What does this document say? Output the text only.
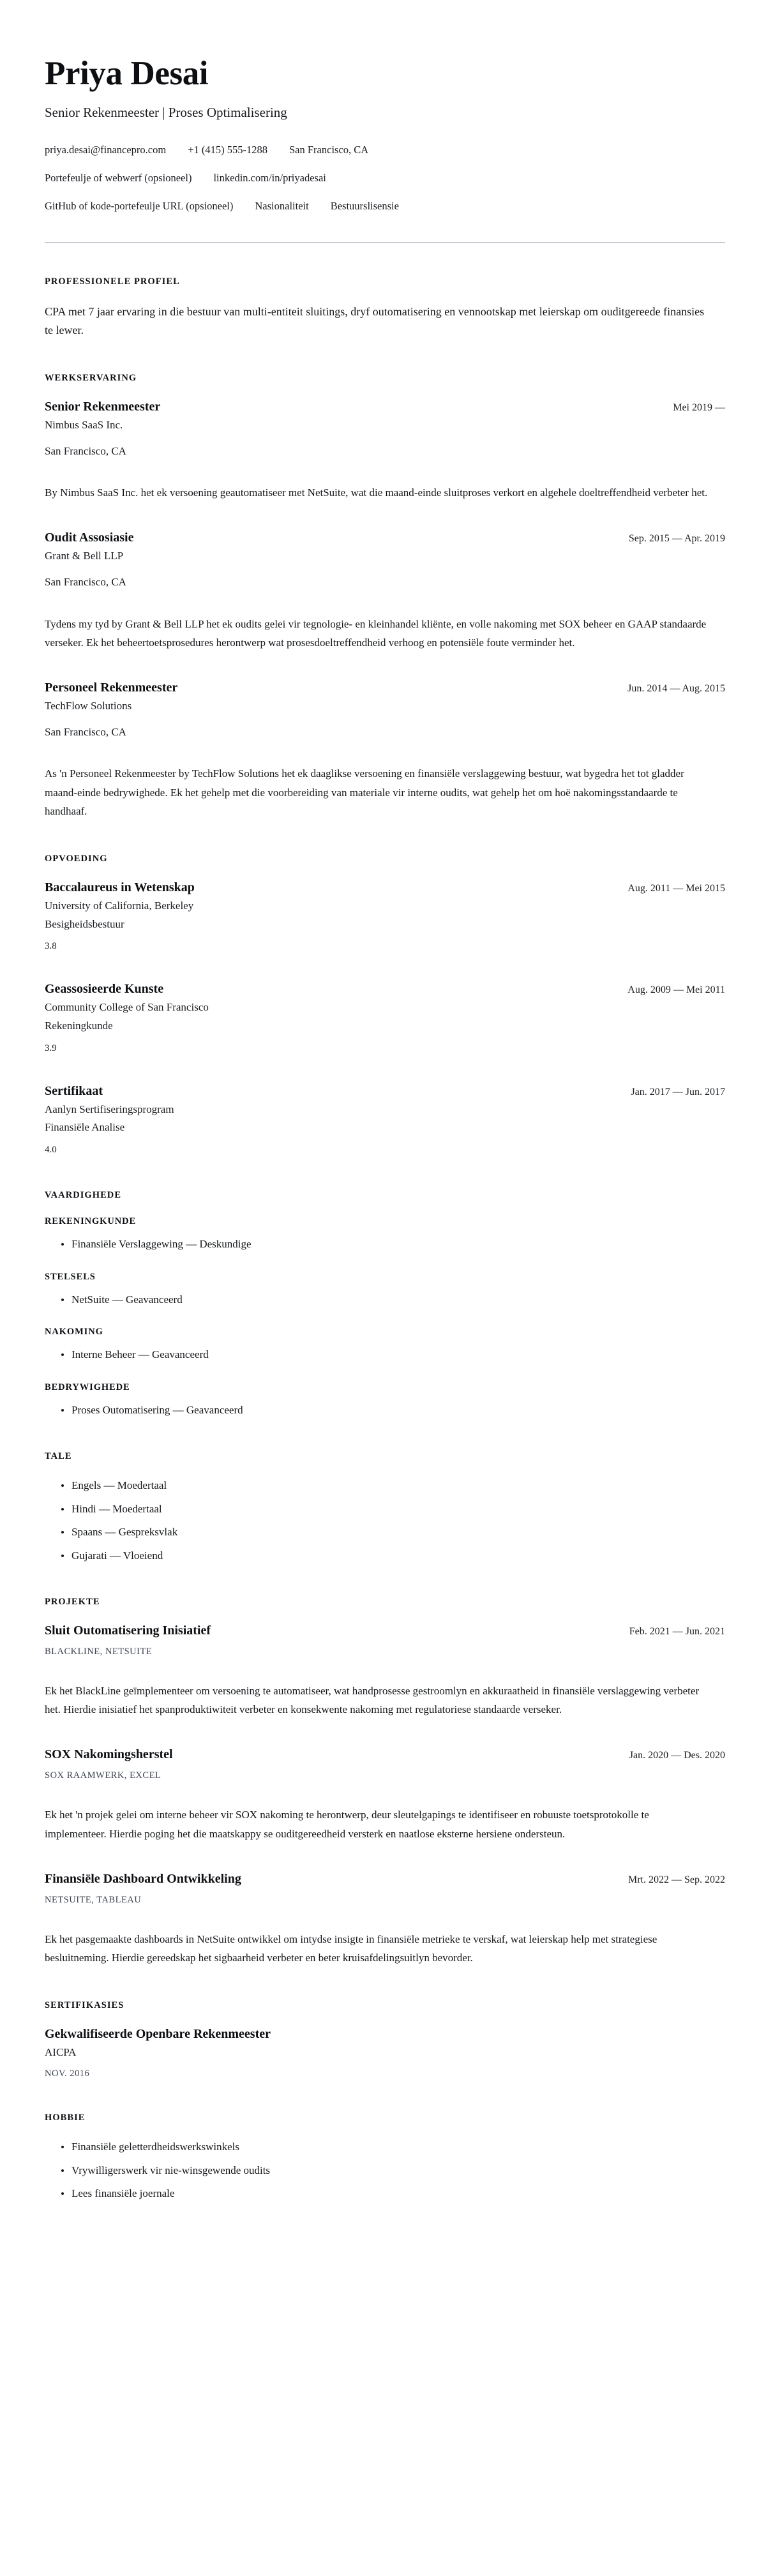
Priya Desai
Senior Rekenmeester | Proses Optimalisering
priya.desai@financepro.com +1 (415) 555-1288 San Francisco, CA
Portefeulje of webwerf (opsioneel) linkedin.com/in/priyadesai
GitHub of kode-portefeulje URL (opsioneel) Nasionaliteit Bestuurslisensie
PROFESSIONELE PROFIEL

CPA met 7 jaar ervaring in die bestuur van multi-entiteit sluitings, dryf outomatisering en vennootskap met leierskap om ouditgereede finansies te lewer.

WERKSERVARING
Senior Rekenmeester	Mei 2019 —

Nimbus SaaS Inc.

San Francisco, CA

By Nimbus SaaS Inc. het ek versoening geautomatiseer met NetSuite, wat die maand-einde sluitproses verkort en algehele doeltreffendheid verbeter het.

Oudit Assosiasie	Sep. 2015 — Apr. 2019

Grant & Bell LLP

San Francisco, CA

Tydens my tyd by Grant & Bell LLP het ek oudits gelei vir tegnologie- en kleinhandel kliënte, en volle nakoming met SOX beheer en GAAP standaarde verseker. Ek het beheertoetsprosedures herontwerp wat prosesdoeltreffendheid verhoog en potensiële foute verminder het.

Personeel Rekenmeester	Jun. 2014 — Aug. 2015

TechFlow Solutions

San Francisco, CA

As 'n Personeel Rekenmeester by TechFlow Solutions het ek daaglikse versoening en finansiële verslaggewing bestuur, wat bygedra het tot gladder maand-einde bedrywighede. Ek het gehelp met die voorbereiding van materiale vir interne oudits, wat gehelp het om hoë nakomingsstandaarde te handhaaf.

OPVOEDING
Baccalaureus in Wetenskap	Aug. 2011 — Mei 2015

University of California, Berkeley

Besigheidsbestuur

3.8

Geassosieerde Kunste	Aug. 2009 — Mei 2011

Community College of San Francisco

Rekeningkunde

3.9

Sertifikaat	Jan. 2017 — Jun. 2017

Aanlyn Sertifiseringsprogram

Finansiële Analise

4.0

VAARDIGHEDE
REKENINGKUNDE
Finansiële Verslaggewing — Deskundige
STELSELS
NetSuite — Geavanceerd
NAKOMING
Interne Beheer — Geavanceerd
BEDRYWIGHEDE
Proses Outomatisering — Geavanceerd
TALE
Engels — Moedertaal
Hindi — Moedertaal
Spaans — Gespreksvlak
Gujarati — Vloeiend
PROJEKTE
Sluit Outomatisering Inisiatief	Feb. 2021 — Jun. 2021

BLACKLINE, NETSUITE

Ek het BlackLine geïmplementeer om versoening te automatiseer, wat handprosesse gestroomlyn en akkuraatheid in finansiële verslaggewing verbeter het. Hierdie inisiatief het spanproduktiwiteit verbeter en konsekwente nakoming met regulatoriese standaarde verseker.

SOX Nakomingsherstel	Jan. 2020 — Des. 2020

SOX RAAMWERK, EXCEL

Ek het 'n projek gelei om interne beheer vir SOX nakoming te herontwerp, deur sleutelgapings te identifiseer en robuuste toetsprotokolle te implementeer. Hierdie poging het die maatskappy se ouditgereedheid versterk en naatlose eksterne hersiene ondersteun.

Finansiële Dashboard Ontwikkeling	Mrt. 2022 — Sep. 2022

NETSUITE, TABLEAU

Ek het pasgemaakte dashboards in NetSuite ontwikkel om intydse insigte in finansiële metrieke te verskaf, wat leierskap help met strategiese besluitneming. Hierdie gereedskap het sigbaarheid verbeter en beter kruisafdelingsuitlyn bevorder.

SERTIFIKASIES
Gekwalifiseerde Openbare Rekenmeester

AICPA

NOV. 2016

HOBBIE
Finansiële geletterdheidswerkswinkels
Vrywilligerswerk vir nie-winsgewende oudits
Lees finansiële joernale
